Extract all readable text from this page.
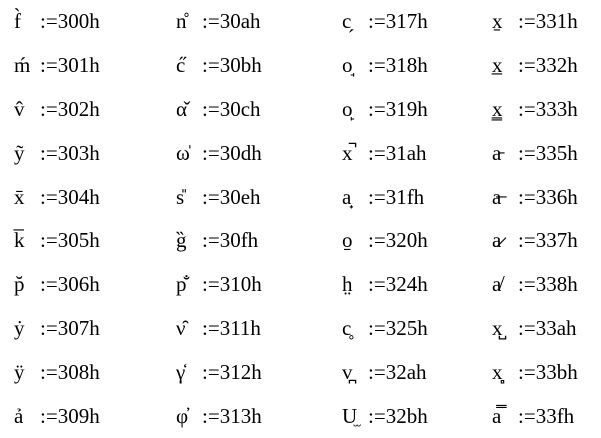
f̀ := 300h
ḿ := 301h
v̂ := 302h
ỹ := 303h
x̄ := 304h
k̅ := 305h
p̆ := 306h
ẏ := 307h
ÿ := 308h
ả := 309h
n̊ := 30ah
c̋ := 30bh
α̌ := 30ch
ω̍ := 30dh
s̎ := 30eh
g̏ := 30fh
p̐ := 310h
ν̑ := 311h
γ̒ := 312h
φ̓ := 313h
c̗ := 317h
o̘ := 318h
o̙ := 319h
x̚ := 31ah
a̟ := 31fh
o̠ := 320h
h̤ := 324h
c̥ := 325h
v̪ := 32ah
U̫ := 32bh
x̱ := 331h
x̲ := 332h
x̳ := 333h
a̵ := 335h
a̶ := 336h
a̷ := 337h
a̸ := 338h
x̺ := 33ah
x̻ := 33bh
a̿ := 33fh
